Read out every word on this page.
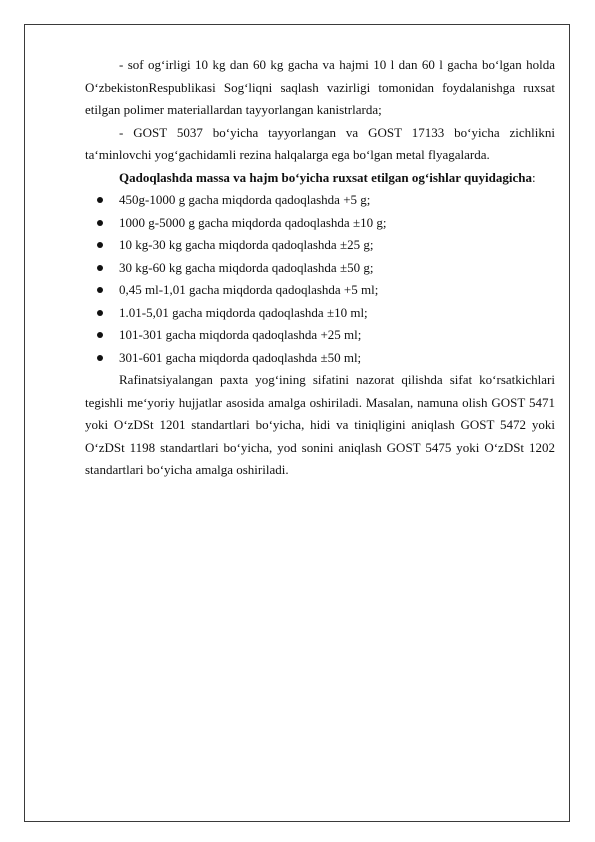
- sof og‘irligi 10 kg dan 60 kg gacha va hajmi 10 l dan 60 l gacha bo‘lgan holda O‘zbekistonRespublikasi Sog‘liqni saqlash vazirligi tomonidan foydalanishga ruxsat etilgan polimer materiallardan tayyorlangan kanistrlarda;

- GOST 5037 bo‘yicha tayyorlangan va GOST 17133 bo‘yicha zichlikni ta‘minlovchi yog‘gachidamli rezina halqalarga ega bo‘lgan metal flyagalarda.

Qadoqlashda massa va hajm bo‘yicha ruxsat etilgan og‘ishlar quyidagicha:

450g-1000 g gacha miqdorda qadoqlashda +5 g;
1000 g-5000 g gacha miqdorda qadoqlashda ±10 g;
10 kg-30 kg gacha miqdorda qadoqlashda ±25 g;
30 kg-60 kg gacha miqdorda qadoqlashda ±50 g;
0,45 ml-1,01 gacha miqdorda qadoqlashda +5 ml;
1.01-5,01 gacha miqdorda qadoqlashda ±10 ml;
101-301 gacha miqdorda qadoqlashda +25 ml;
301-601 gacha miqdorda qadoqlashda ±50 ml;

Rafinatsiyalangan paxta yog‘ining sifatini nazorat qilishda sifat ko‘rsatkichlari tegishli me‘yoriy hujjatlar asosida amalga oshiriladi. Masalan, namuna olish GOST 5471 yoki O‘zDSt 1201 standartlari bo‘yicha, hidi va tiniqligini aniqlash GOST 5472 yoki O‘zDSt 1198 standartlari bo‘yicha, yod sonini aniqlash GOST 5475 yoki O‘zDSt 1202 standartlari bo‘yicha amalga oshiriladi.
